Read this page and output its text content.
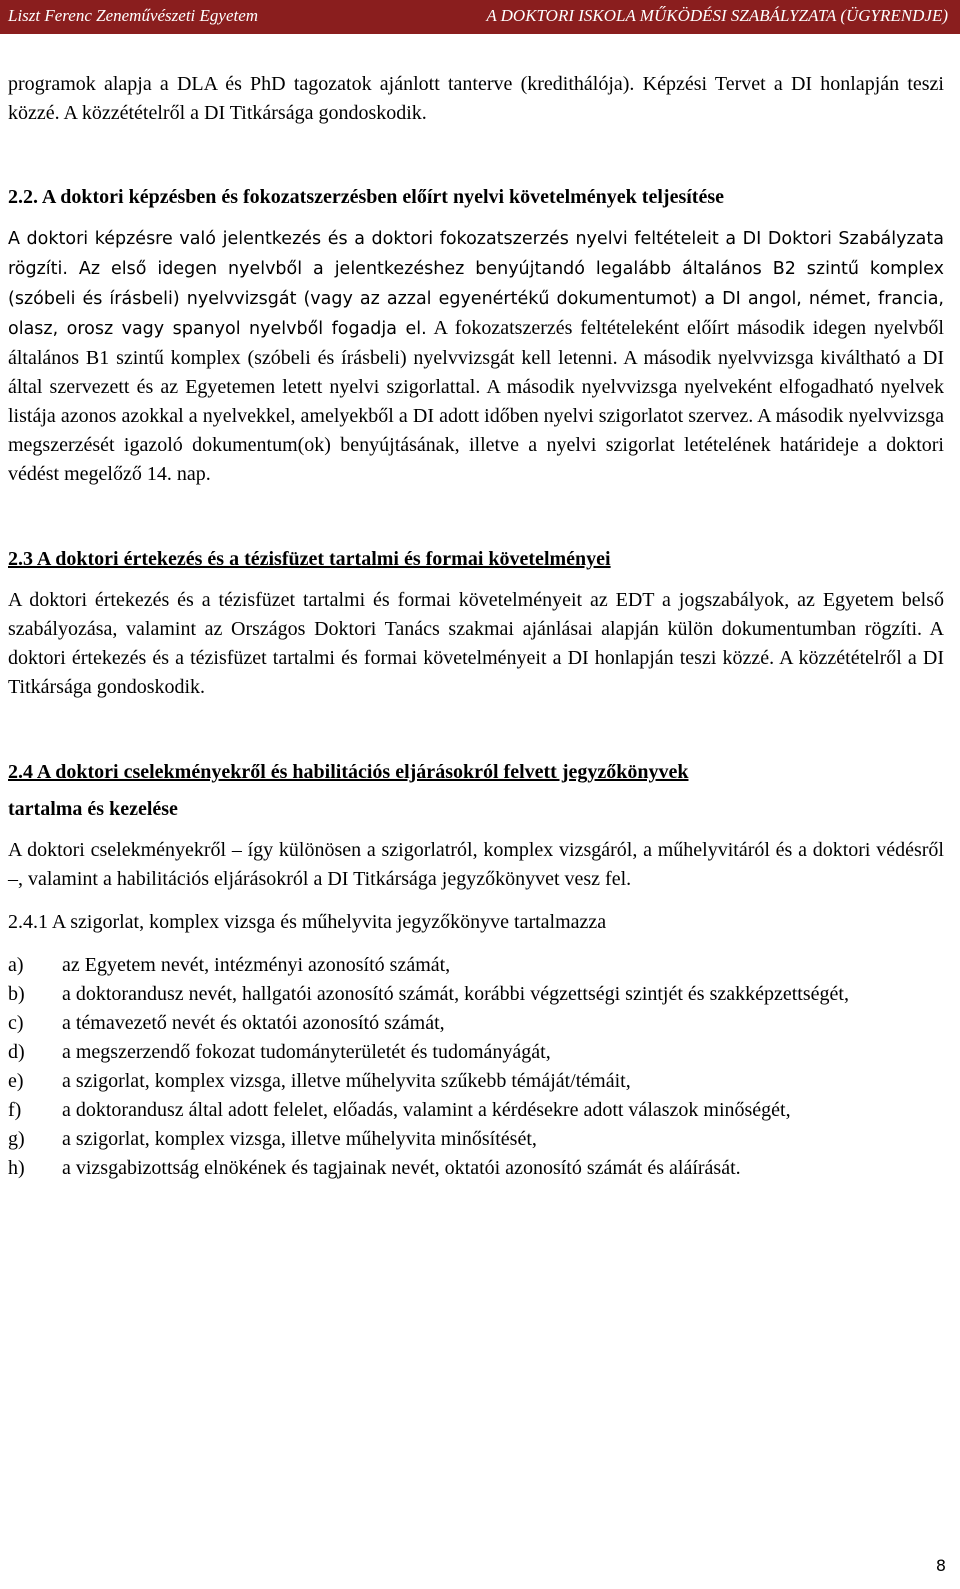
Liszt Ferenc Zeneművészeti Egyetem	A DOKTORI ISKOLA MŰKÖDÉSI SZABÁLYZATA (ÜGYRENDJE)

programok alapja a DLA és PhD tagozatok ajánlott tanterve (kredithálója). Képzési Tervet a DI honlapján teszi közzé. A közzétételről a DI Titkársága gondoskodik.

2.2. A doktori képzésben és fokozatszerzésben előírt nyelvi követelmények teljesítése

A doktori képzésre való jelentkezés és a doktori fokozatszerzés nyelvi feltételeit a DI Doktori Szabályzata rögzíti. Az első idegen nyelvből a jelentkezéshez benyújtandó legalább általános B2 szintű komplex (szóbeli és írásbeli) nyelvvizsgát (vagy az azzal egyenértékű dokumentumot) a DI angol, német, francia, olasz, orosz vagy spanyol nyelvből fogadja el. A fokozatszerzés feltételeként előírt második idegen nyelvből általános B1 szintű komplex (szóbeli és írásbeli) nyelvvizsgát kell letenni. A második nyelvvizsga kiváltható a DI által szervezett és az Egyetemen letett nyelvi szigorlattal. A második nyelvvizsga nyelveként elfogadható nyelvek listája azonos azokkal a nyelvekkel, amelyekből a DI adott időben nyelvi szigorlatot szervez. A második nyelvvizsga megszerzését igazoló dokumentum(ok) benyújtásának, illetve a nyelvi szigorlat letételének határideje a doktori védést megelőző 14. nap.

2.3 A doktori értekezés és a tézisfüzet tartalmi és formai követelményei

A doktori értekezés és a tézisfüzet tartalmi és formai követelményeit az EDT a jogszabályok, az Egyetem belső szabályozása, valamint az Országos Doktori Tanács szakmai ajánlásai alapján külön dokumentumban rögzíti. A doktori értekezés és a tézisfüzet tartalmi és formai követelményeit a DI honlapján teszi közzé. A közzétételről a DI Titkársága gondoskodik.

2.4 A doktori cselekményekről és habilitációs eljárásokról felvett jegyzőkönyvek
tartalma és kezelése

A doktori cselekményekről – így különösen a szigorlatról, komplex vizsgáról, a műhelyvitáról és a doktori védésről –, valamint a habilitációs eljárásokról a DI Titkársága jegyzőkönyvet vesz fel.

2.4.1 A szigorlat, komplex vizsga és műhelyvita jegyzőkönyve tartalmazza

a) az Egyetem nevét, intézményi azonosító számát,
b) a doktorandusz nevét, hallgatói azonosító számát, korábbi végzettségi szintjét és szakképzettségét,
c) a témavezető nevét és oktatói azonosító számát,
d) a megszerzendő fokozat tudományterületét és tudományágát,
e) a szigorlat, komplex vizsga, illetve műhelyvita szűkebb témáját/témáit,
f) a doktorandusz által adott felelet, előadás, valamint a kérdésekre adott válaszok minőségét,
g) a szigorlat, komplex vizsga, illetve műhelyvita minősítését,
h) a vizsgabizottság elnökének és tagjainak nevét, oktatói azonosító számát és aláírását.
8
